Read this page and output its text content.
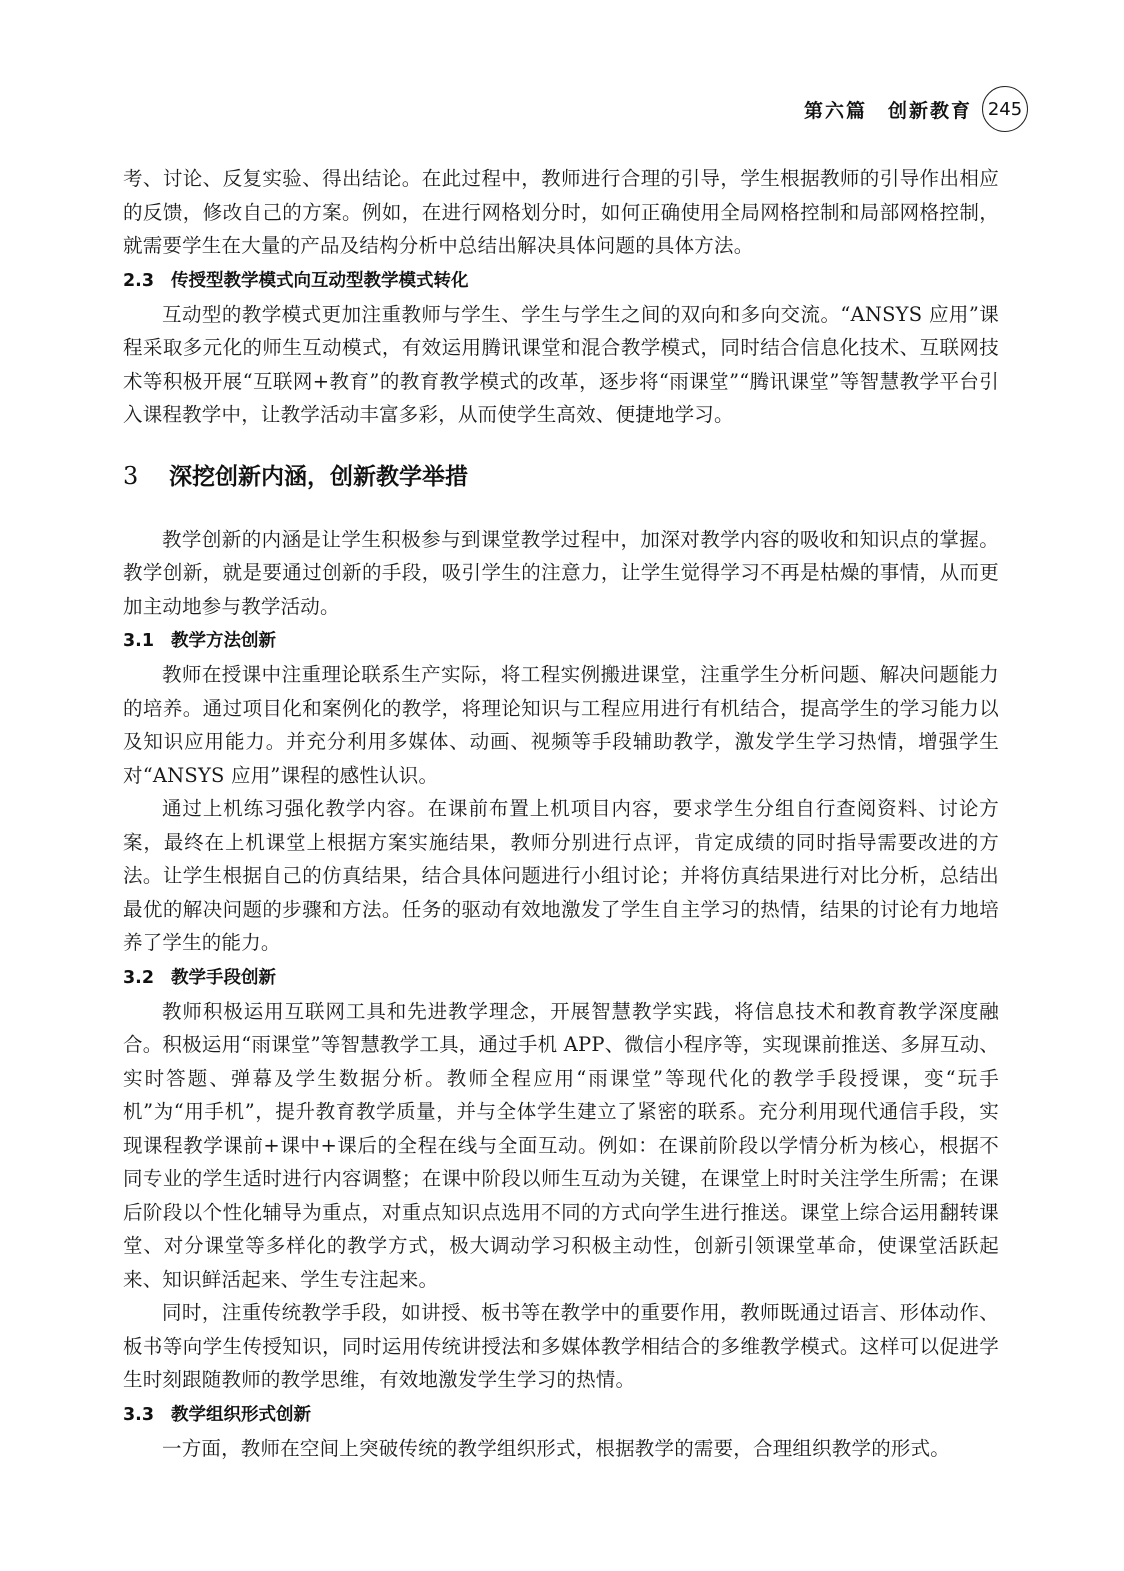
第六篇　创新教育 245

考、讨论、反复实验、得出结论。在此过程中，教师进行合理的引导，学生根据教师的引导作出相应的反馈，修改自己的方案。例如，在进行网格划分时，如何正确使用全局网格控制和局部网格控制，就需要学生在大量的产品及结构分析中总结出解决具体问题的具体方法。

2.3 传授型教学模式向互动型教学模式转化

互动型的教学模式更加注重教师与学生、学生与学生之间的双向和多向交流。“ANSYS 应用”课程采取多元化的师生互动模式，有效运用腾讯课堂和混合教学模式，同时结合信息化技术、互联网技术等积极开展“互联网+教育”的教育教学模式的改革，逐步将“雨课堂”“腾讯课堂”等智慧教学平台引入课程教学中，让教学活动丰富多彩，从而使学生高效、便捷地学习。

3	深挖创新内涵，创新教学举措

教学创新的内涵是让学生积极参与到课堂教学过程中，加深对教学内容的吸收和知识点的掌握。教学创新，就是要通过创新的手段，吸引学生的注意力，让学生觉得学习不再是枯燥的事情，从而更加主动地参与教学活动。

3.1 教学方法创新

教师在授课中注重理论联系生产实际，将工程实例搬进课堂，注重学生分析问题、解决问题能力的培养。通过项目化和案例化的教学，将理论知识与工程应用进行有机结合，提高学生的学习能力以及知识应用能力。并充分利用多媒体、动画、视频等手段辅助教学，激发学生学习热情，增强学生对“ANSYS 应用”课程的感性认识。

通过上机练习强化教学内容。在课前布置上机项目内容，要求学生分组自行查阅资料、讨论方案，最终在上机课堂上根据方案实施结果，教师分别进行点评，肯定成绩的同时指导需要改进的方法。让学生根据自己的仿真结果，结合具体问题进行小组讨论；并将仿真结果进行对比分析，总结出最优的解决问题的步骤和方法。任务的驱动有效地激发了学生自主学习的热情，结果的讨论有力地培养了学生的能力。

3.2 教学手段创新

教师积极运用互联网工具和先进教学理念，开展智慧教学实践，将信息技术和教育教学深度融合。积极运用“雨课堂”等智慧教学工具，通过手机 APP、微信小程序等，实现课前推送、多屏互动、实时答题、弹幕及学生数据分析。教师全程应用“雨课堂”等现代化的教学手段授课，变“玩手机”为“用手机”，提升教育教学质量，并与全体学生建立了紧密的联系。充分利用现代通信手段，实现课程教学课前+课中+课后的全程在线与全面互动。例如：在课前阶段以学情分析为核心，根据不同专业的学生适时进行内容调整；在课中阶段以师生互动为关键，在课堂上时时关注学生所需；在课后阶段以个性化辅导为重点，对重点知识点选用不同的方式向学生进行推送。课堂上综合运用翻转课堂、对分课堂等多样化的教学方式，极大调动学习积极主动性，创新引领课堂革命，使课堂活跃起来、知识鲜活起来、学生专注起来。

同时，注重传统教学手段，如讲授、板书等在教学中的重要作用，教师既通过语言、形体动作、板书等向学生传授知识，同时运用传统讲授法和多媒体教学相结合的多维教学模式。这样可以促进学生时刻跟随教师的教学思维，有效地激发学生学习的热情。

3.3 教学组织形式创新

一方面，教师在空间上突破传统的教学组织形式，根据教学的需要，合理组织教学的形式。
